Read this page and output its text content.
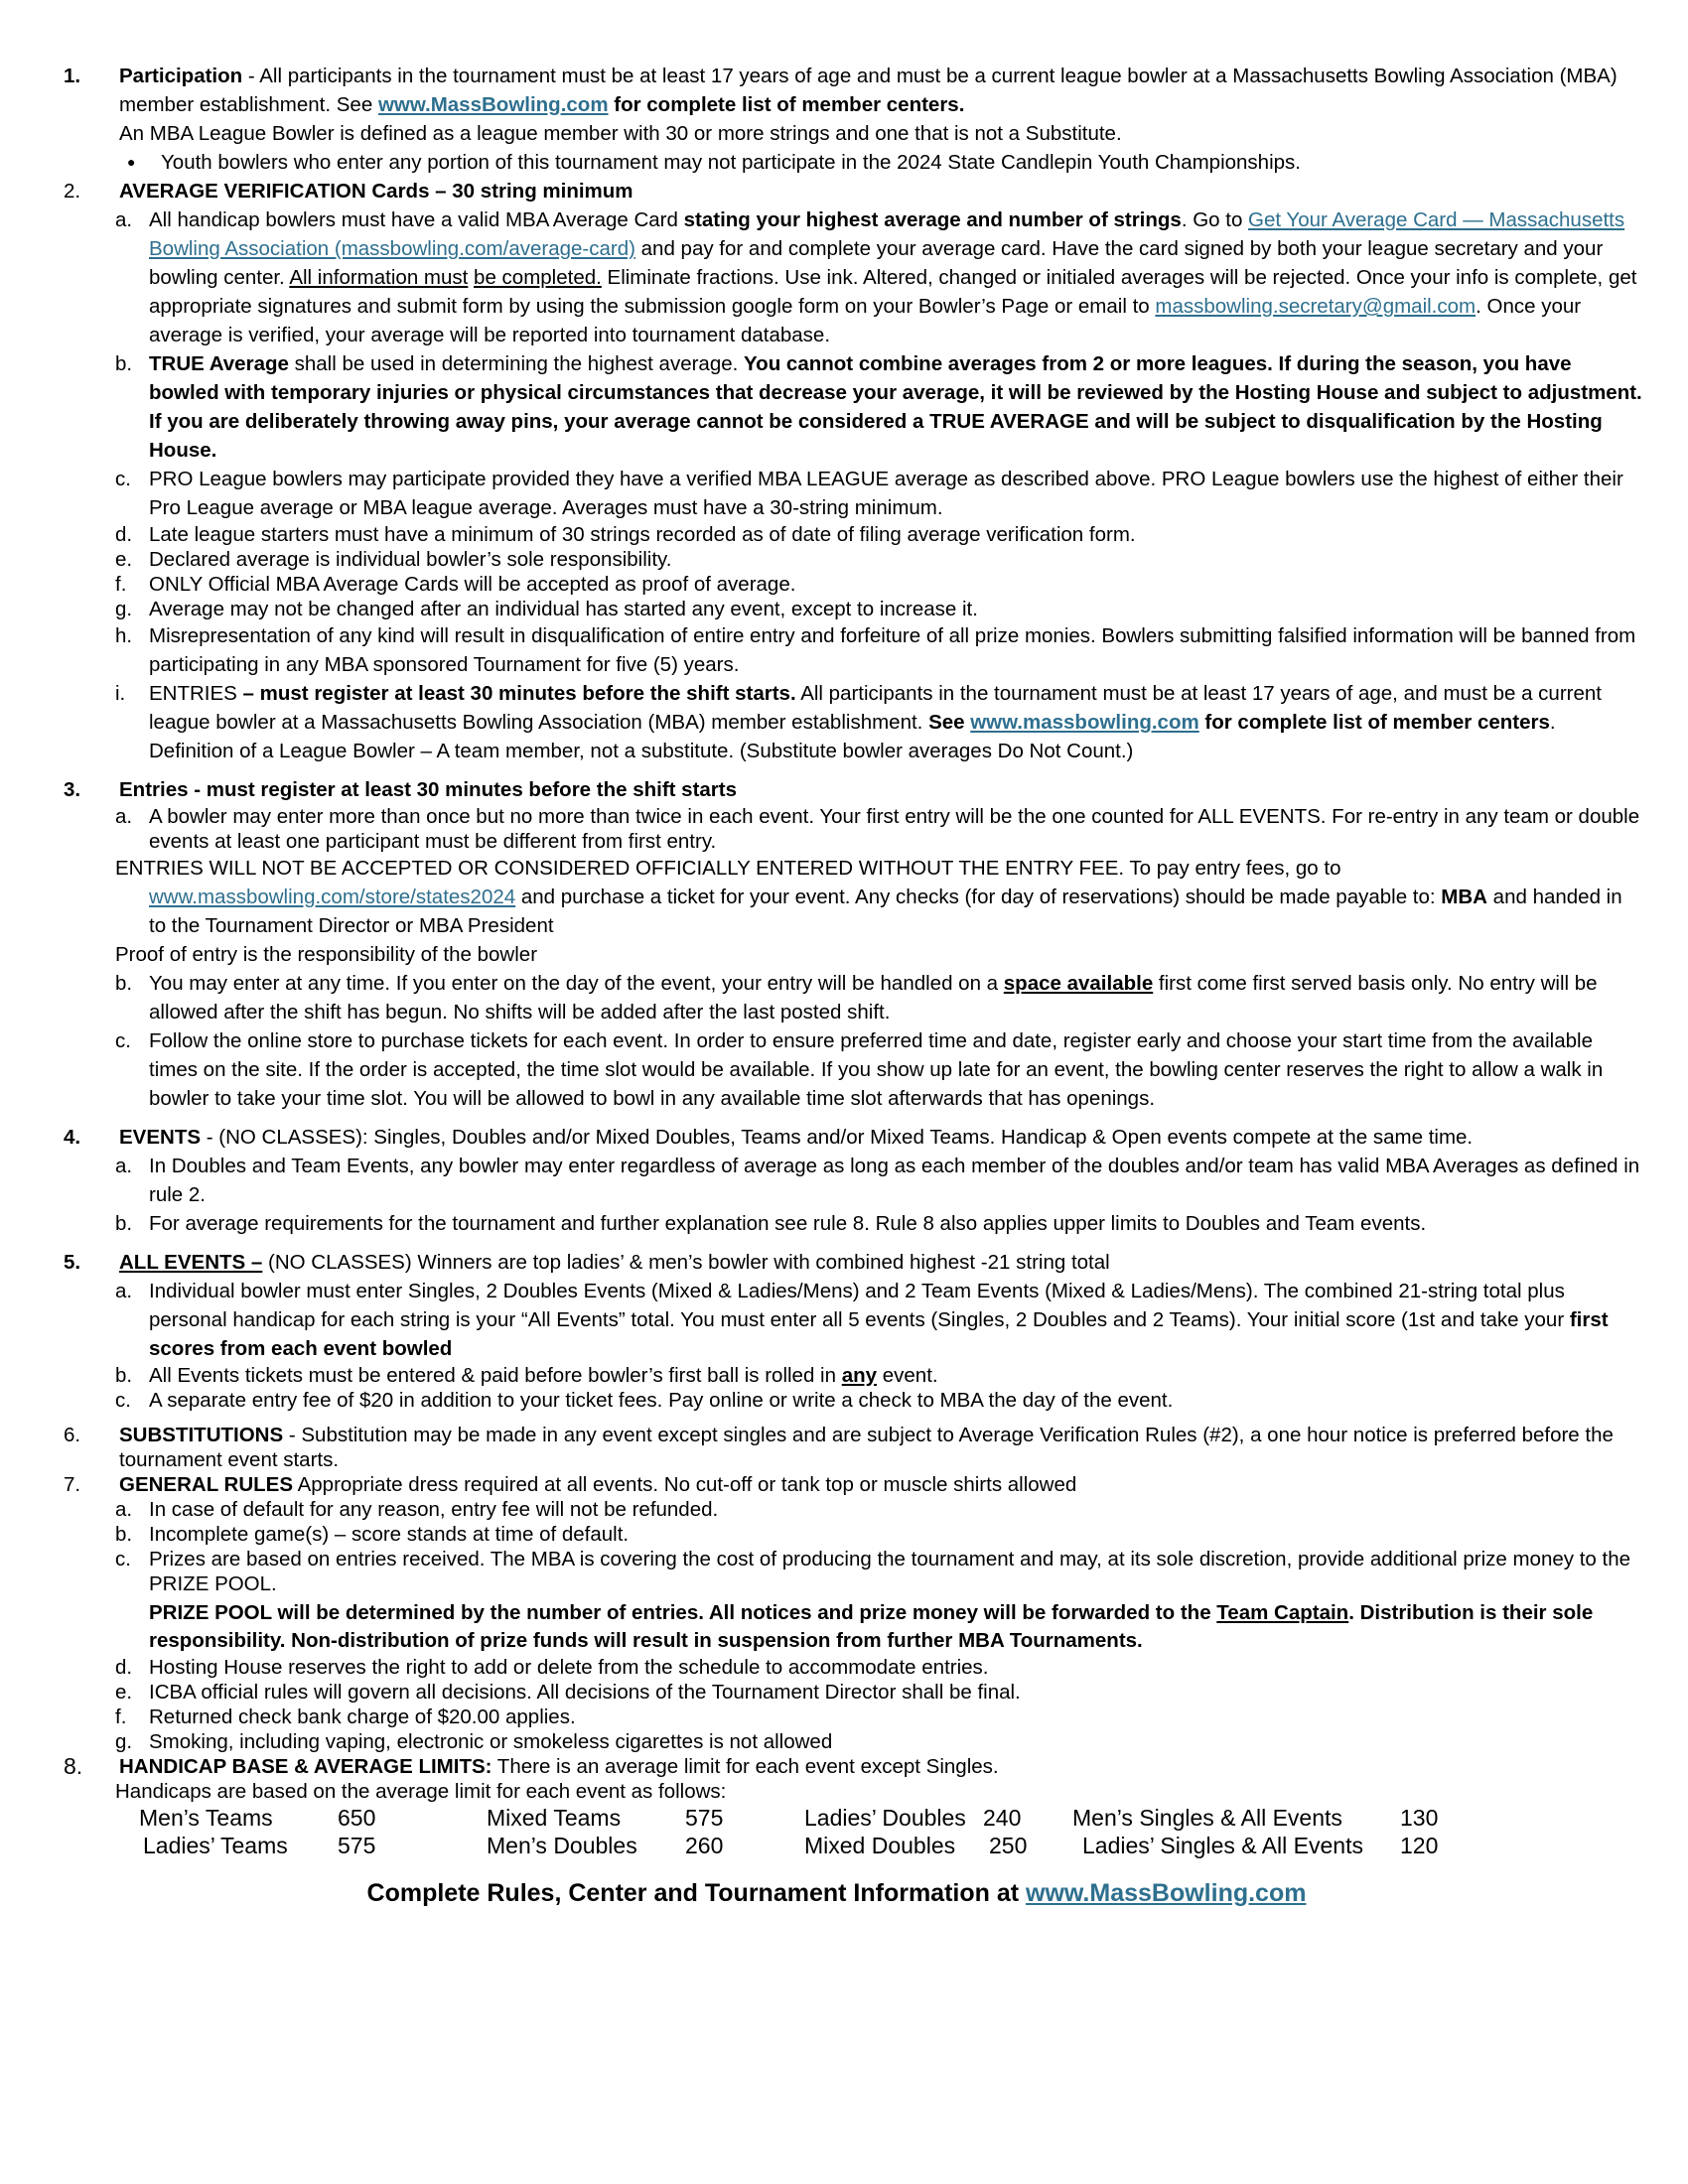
1.	Participation - All participants in the tournament must be at least 17 years of age and must be a current league bowler at a Massachusetts Bowling Association (MBA) member establishment. See www.MassBowling.com for complete list of member centers.
An MBA League Bowler is defined as a league member with 30 or more strings and one that is not a Substitute.
●	Youth bowlers who enter any portion of this tournament may not participate in the 2024 State Candlepin Youth Championships.
2.	AVERAGE VERIFICATION Cards – 30 string minimum
a. All handicap bowlers must have a valid MBA Average Card stating your highest average and number of strings. Go to Get Your Average Card — Massachusetts Bowling Association (massbowling.com/average-card) and pay for and complete your average card. Have the card signed by both your league secretary and your bowling center. All information must be completed. Eliminate fractions. Use ink. Altered, changed or initialed averages will be rejected. Once your info is complete, get appropriate signatures and submit form by using the submission google form on your Bowler’s Page or email to massbowling.secretary@gmail.com. Once your average is verified, your average will be reported into tournament database.
b. TRUE Average shall be used in determining the highest average. You cannot combine averages from 2 or more leagues. If during the season, you have bowled with temporary injuries or physical circumstances that decrease your average, it will be reviewed by the Hosting House and subject to adjustment. If you are deliberately throwing away pins, your average cannot be considered a TRUE AVERAGE and will be subject to disqualification by the Hosting House.
c. PRO League bowlers may participate provided they have a verified MBA LEAGUE average as described above. PRO League bowlers use the highest of either their Pro League average or MBA league average. Averages must have a 30-string minimum.
d. Late league starters must have a minimum of 30 strings recorded as of date of filing average verification form.
e. Declared average is individual bowler’s sole responsibility.
f.	ONLY Official MBA Average Cards will be accepted as proof of average.
g. Average may not be changed after an individual has started any event, except to increase it.
h. Misrepresentation of any kind will result in disqualification of entire entry and forfeiture of all prize monies. Bowlers submitting falsified information will be banned from participating in any MBA sponsored Tournament for five (5) years.
i.	ENTRIES – must register at least 30 minutes before the shift starts. All participants in the tournament must be at least 17 years of age, and must be a current league bowler at a Massachusetts Bowling Association (MBA) member establishment. See www.massbowling.com for complete list of member centers. Definition of a League Bowler – A team member, not a substitute. (Substitute bowler averages Do Not Count.)
3.	Entries - must register at least 30 minutes before the shift starts
a. A bowler may enter more than once but no more than twice in each event. Your first entry will be the one counted for ALL EVENTS. For re-entry in any team or double events at least one participant must be different from first entry.
ENTRIES WILL NOT BE ACCEPTED OR CONSIDERED OFFICIALLY ENTERED WITHOUT THE ENTRY FEE. To pay entry fees, go to
www.massbowling.com/store/states2024 and purchase a ticket for your event. Any checks (for day of reservations) should be made payable to: MBA and handed in to the Tournament Director or MBA President
Proof of entry is the responsibility of the bowler
b. You may enter at any time. If you enter on the day of the event, your entry will be handled on a space available first come first served basis only. No entry will be allowed after the shift has begun. No shifts will be added after the last posted shift.
c. Follow the online store to purchase tickets for each event. In order to ensure preferred time and date, register early and choose your start time from the available times on the site. If the order is accepted, the time slot would be available. If you show up late for an event, the bowling center reserves the right to allow a walk in bowler to take your time slot. You will be allowed to bowl in any available time slot afterwards that has openings.
4.	EVENTS - (NO CLASSES): Singles, Doubles and/or Mixed Doubles, Teams and/or Mixed Teams. Handicap & Open events compete at the same time.
a. In Doubles and Team Events, any bowler may enter regardless of average as long as each member of the doubles and/or team has valid MBA Averages as defined in rule 2.
b. For average requirements for the tournament and further explanation see rule 8. Rule 8 also applies upper limits to Doubles and Team events.
5.	ALL EVENTS – (NO CLASSES) Winners are top ladies’ & men’s bowler with combined highest -21 string total
a. Individual bowler must enter Singles, 2 Doubles Events (Mixed & Ladies/Mens) and 2 Team Events (Mixed & Ladies/Mens). The combined 21-string total plus personal handicap for each string is your “All Events” total. You must enter all 5 events (Singles, 2 Doubles and 2 Teams). Your initial score (1st and take your first scores from each event bowled
b. All Events tickets must be entered & paid before bowler’s first ball is rolled in any event.
c. A separate entry fee of $20 in addition to your ticket fees. Pay online or write a check to MBA the day of the event.
6.	SUBSTITUTIONS - Substitution may be made in any event except singles and are subject to Average Verification Rules (#2), a one hour notice is preferred before the tournament event starts.
7.	GENERAL RULES Appropriate dress required at all events. No cut-off or tank top or muscle shirts allowed
a. In case of default for any reason, entry fee will not be refunded.
b. Incomplete game(s) – score stands at time of default.
c. Prizes are based on entries received. The MBA is covering the cost of producing the tournament and may, at its sole discretion, provide additional prize money to the PRIZE POOL.
PRIZE POOL will be determined by the number of entries. All notices and prize money will be forwarded to the Team Captain. Distribution is their sole responsibility. Non-distribution of prize funds will result in suspension from further MBA Tournaments.
d. Hosting House reserves the right to add or delete from the schedule to accommodate entries.
e. ICBA official rules will govern all decisions. All decisions of the Tournament Director shall be final.
f.	Returned check bank charge of $20.00 applies.
g. Smoking, including vaping, electronic or smokeless cigarettes is not allowed
8.	HANDICAP BASE & AVERAGE LIMITS: There is an average limit for each event except Singles.
Handicaps are based on the average limit for each event as follows:
Men’s Teams	650	Mixed Teams	575	Ladies’ Doubles	240	Men’s Singles & All Events	130
Ladies’ Teams	575	Men’s Doubles	260	Mixed Doubles	250	Ladies’ Singles & All Events	120
Complete Rules, Center and Tournament Information at www.MassBowling.com
